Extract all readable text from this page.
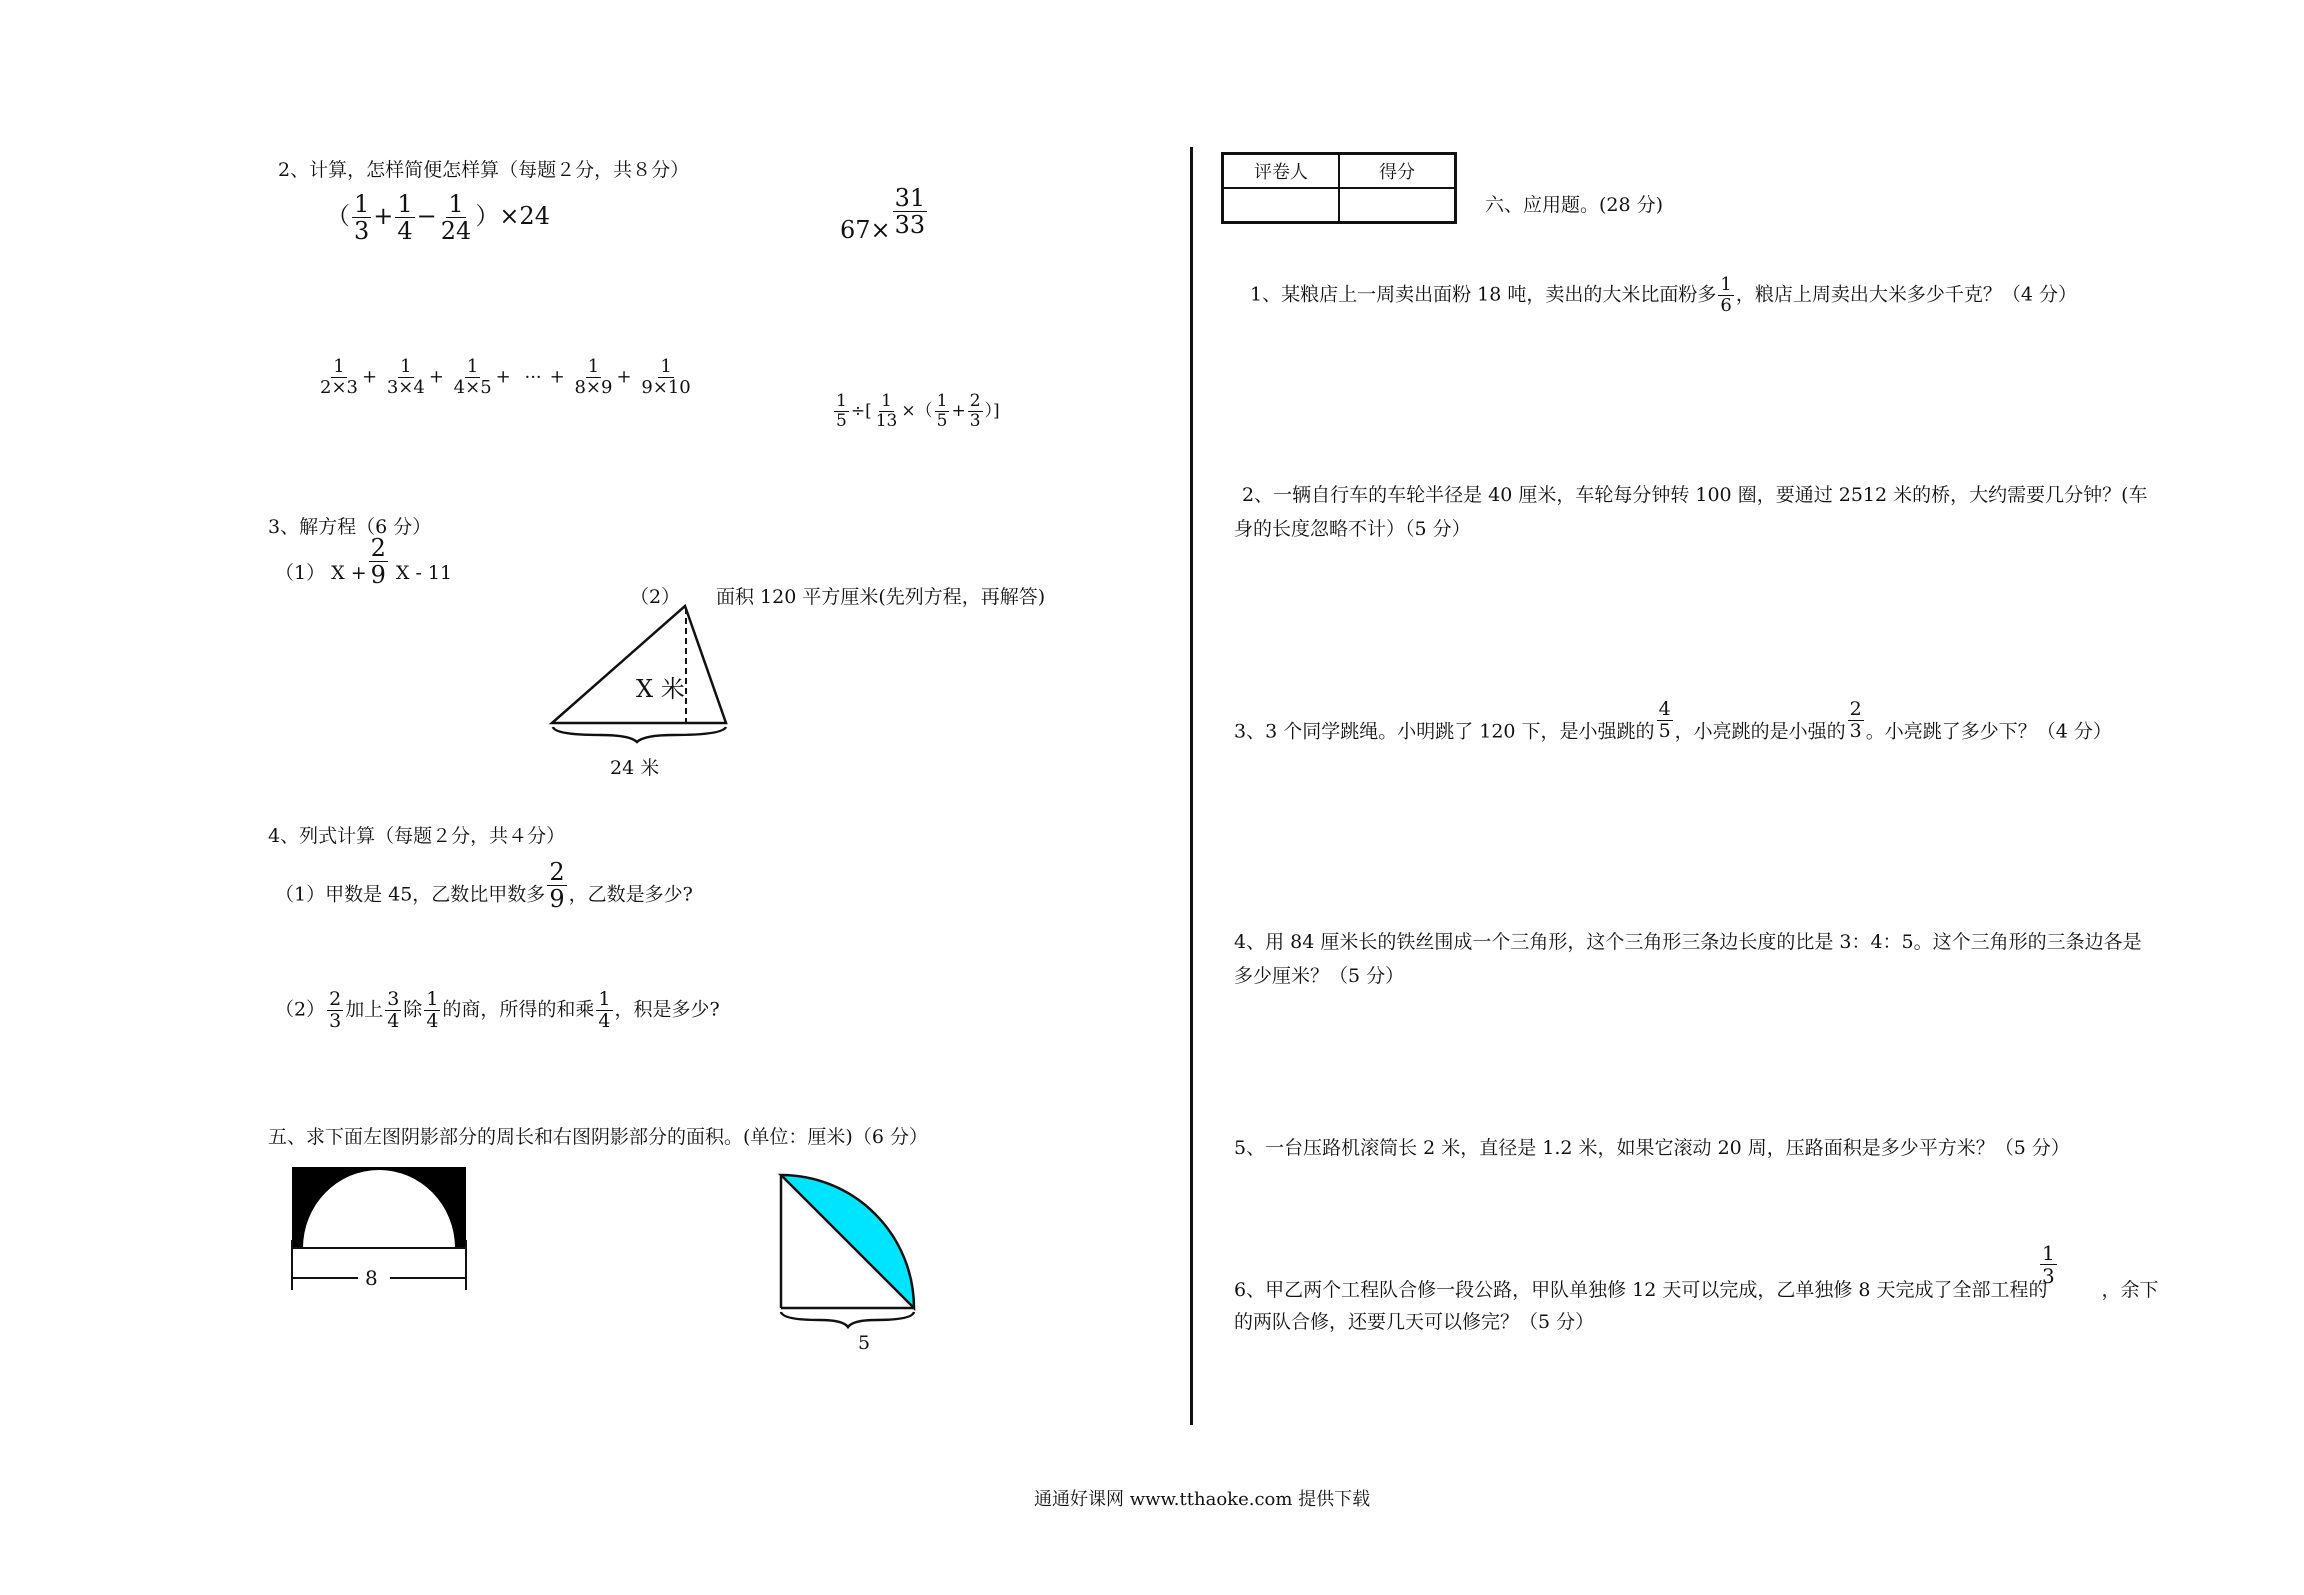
2、计算，怎样简便怎样算（每题２分，共８分）
（ $\frac{1}{3} + \frac{1}{4} - \frac{1}{24} )\times 24$	$67\times \frac{31}{33}$
$\frac{1}{2\times 3} + \frac{1}{3\times 4} + \frac{1}{4\times 5}$ + ··· + $\frac{1}{8\times 9} + \frac{1}{9\times 10}$
$\frac{1}{5}$ ÷[ $\frac{1}{13}$ ×（ $\frac{1}{5} + \frac{2}{3}$ ）]
3、解方程（6 分）
（1） $X + \frac{2}{9}$ X - 11
（2） 面积 120 平方厘米(先列方程，再解答)
X 米
24 米
4、列式计算（每题２分，共４分）
（1）甲数是 45，乙数比甲数多 $\frac{2}{9}$ ，乙数是多少?
$(2) \frac{2}{3}$ 加上 $\frac{3}{4}$ 除 $\frac{1}{4}$ 的商，所得的和乘 $\frac{1}{4}$ ，积是多少?
五、求下面左图阴影部分的周长和右图阴影部分的面积。(单位：厘米)（6 分）
8
5
评卷人	得分

六、应用题。(28 分)
1、某粮店上一周卖出面粉 18 吨，卖出的大米比面粉多 $\frac{1}{6}$ ，粮店上周卖出大米多少千克？（4 分）
2、一辆自行车的车轮半径是 40 厘米，车轮每分钟转 100 圈，要通过 2512 米的桥，大约需要几分钟？(车
身的长度忽略不计）（5 分）
3、3 个同学跳绳。小明跳了 120 下，是小强跳的 $\frac{4}{5}$ ，小亮跳的是小强的 $\frac{2}{3}$ 。小亮跳了多少下？（4 分）
4、用 84 厘米长的铁丝围成一个三角形，这个三角形三条边长度的比是 3：4：5。这个三角形的三条边各是
多少厘米？（5 分）
5、一台压路机滚筒长 2 米，直径是 1.2 米，如果它滚动 20 周，压路面积是多少平方米？（5 分）
$\frac{1}{3}$
6、甲乙两个工程队合修一段公路，甲队单独修 12 天可以完成，乙单独修 8 天完成了全部工程的	，余下
的两队合修，还要几天可以修完？（5 分）
通通好课网 www.tthaoke.com 提供下载
